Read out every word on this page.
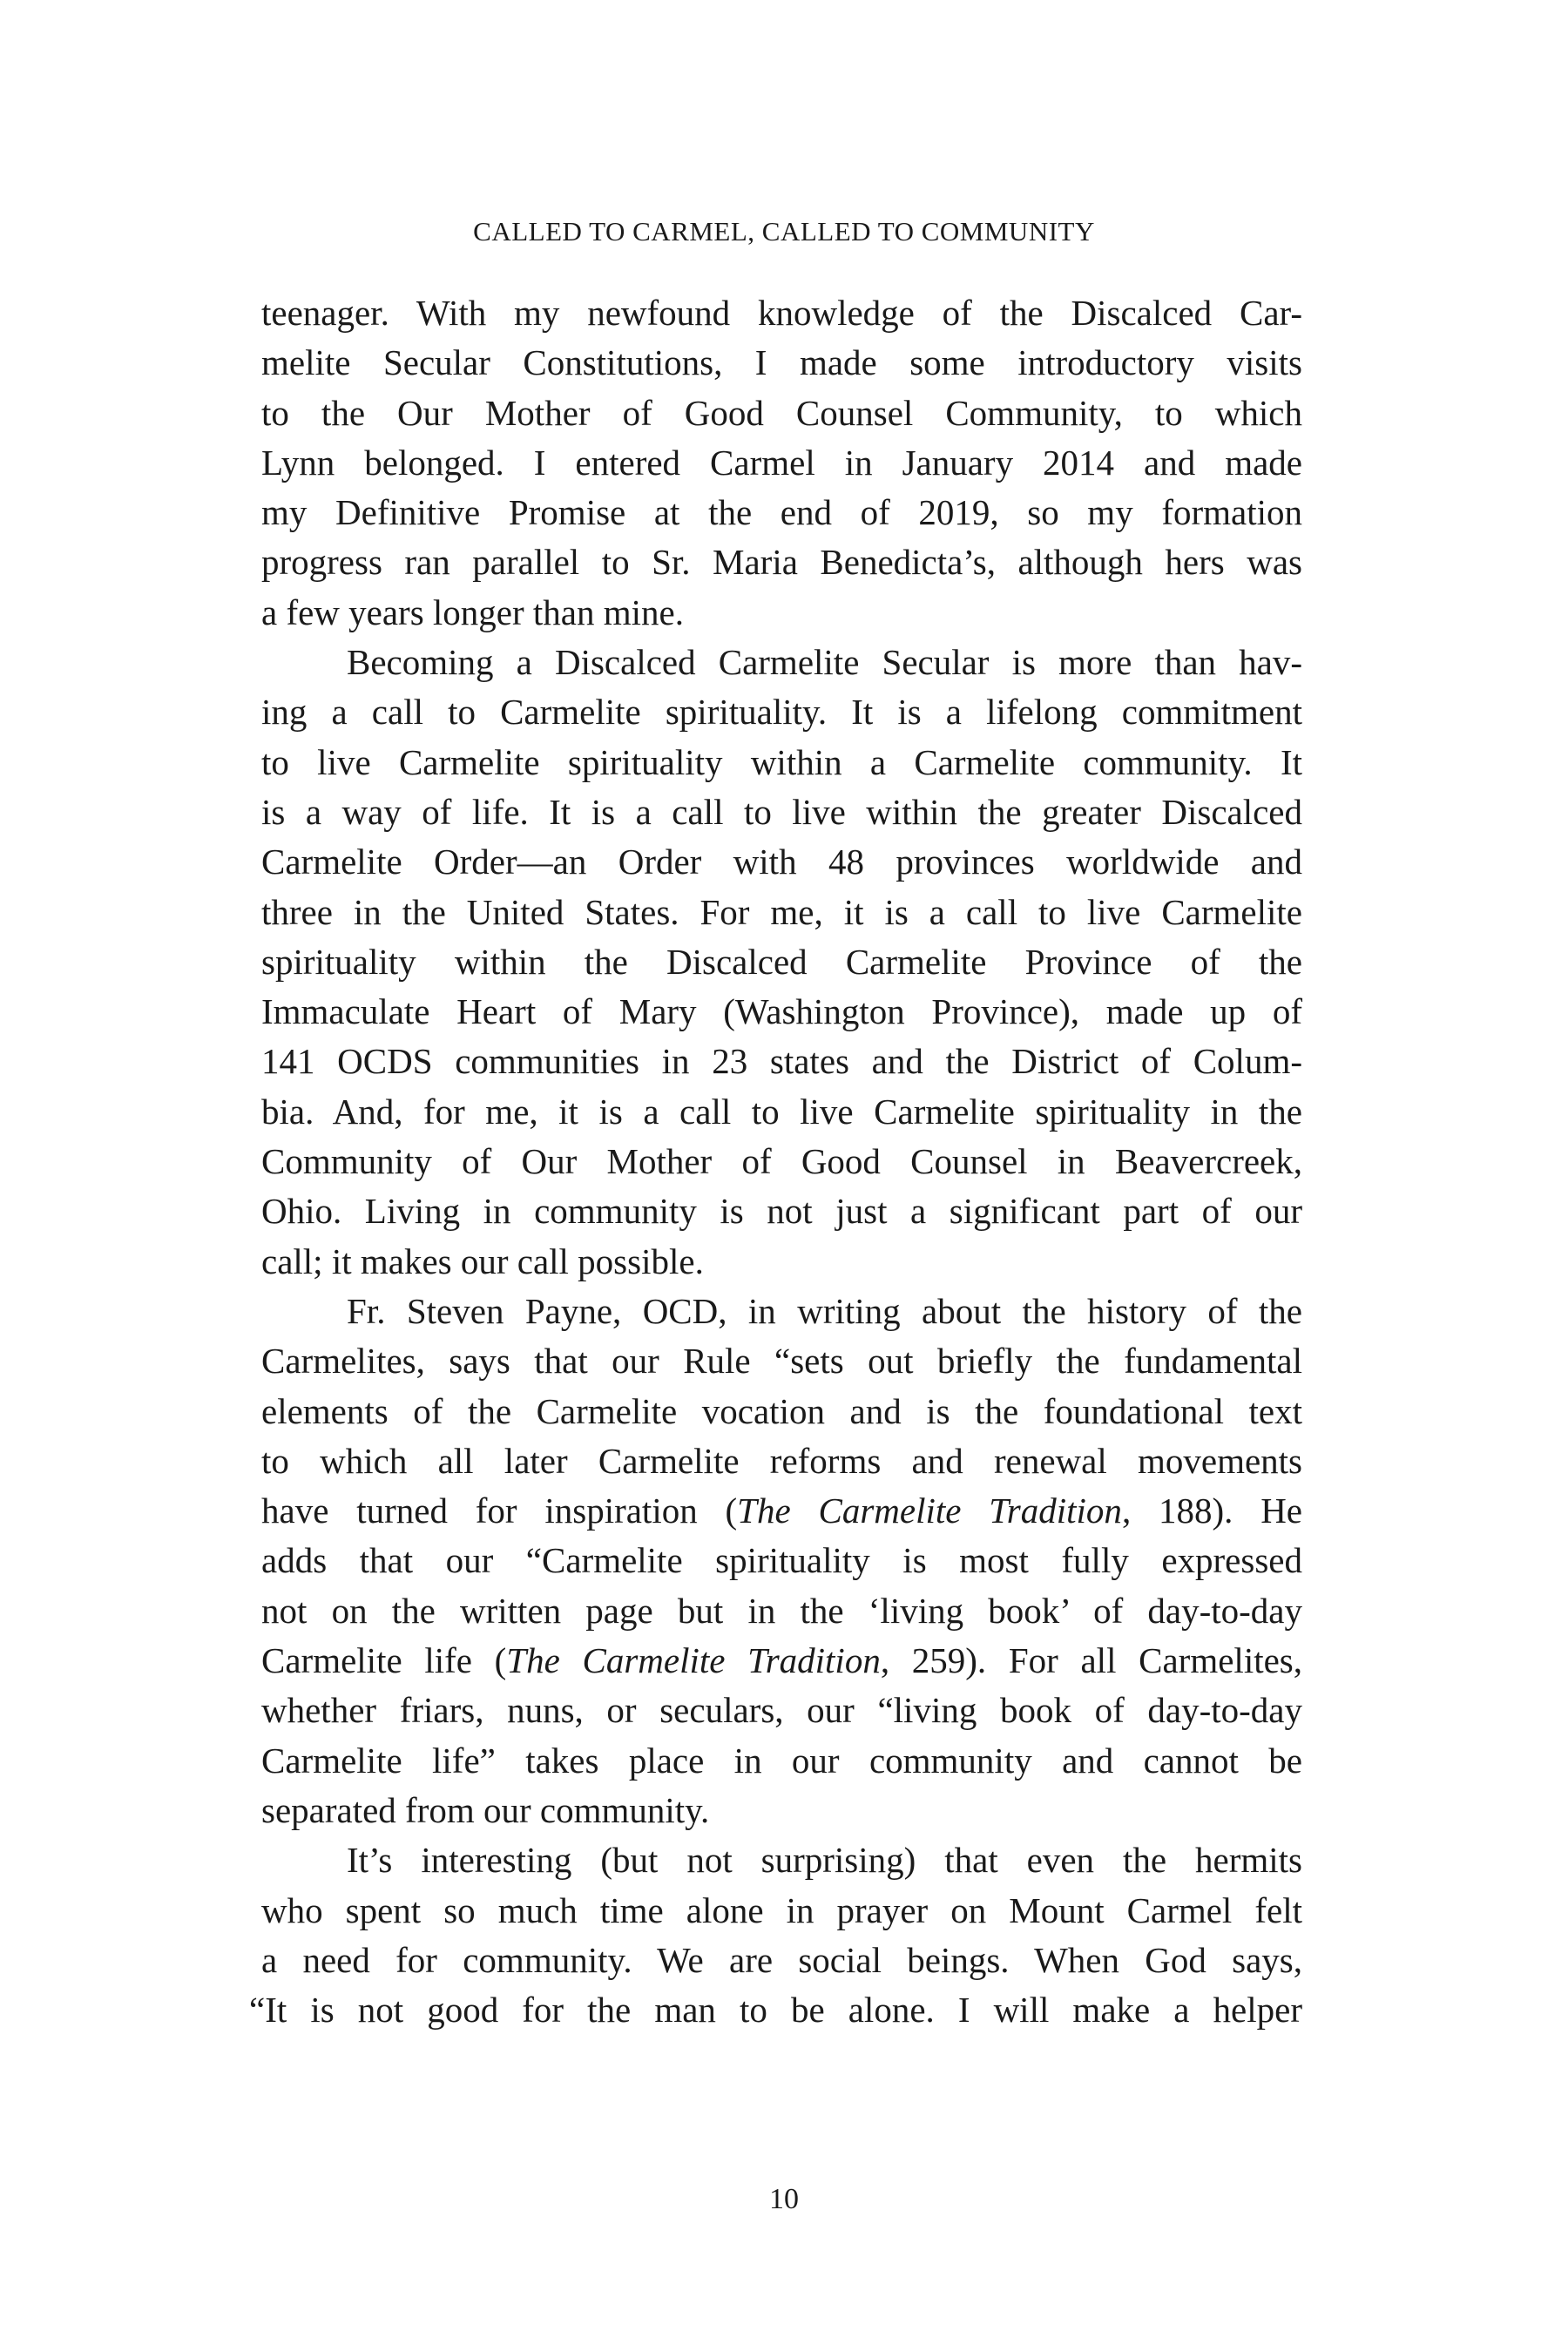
CALLED TO CARMEL, CALLED TO COMMUNITY
teenager. With my newfound knowledge of the Discalced Car-
melite Secular Constitutions, I made some introductory visits
to the Our Mother of Good Counsel Community, to which
Lynn belonged. I entered Carmel in January 2014 and made
my Definitive Promise at the end of 2019, so my formation
progress ran parallel to Sr. Maria Benedicta’s, although hers was
a few years longer than mine.
Becoming a Discalced Carmelite Secular is more than hav-
ing a call to Carmelite spirituality. It is a lifelong commitment
to live Carmelite spirituality within a Carmelite community. It
is a way of life. It is a call to live within the greater Discalced
Carmelite Order—an Order with 48 provinces worldwide and
three in the United States. For me, it is a call to live Carmelite
spirituality within the Discalced Carmelite Province of the
Immaculate Heart of Mary (Washington Province), made up of
141 OCDS communities in 23 states and the District of Colum-
bia. And, for me, it is a call to live Carmelite spirituality in the
Community of Our Mother of Good Counsel in Beavercreek,
Ohio. Living in community is not just a significant part of our
call; it makes our call possible.
Fr. Steven Payne, OCD, in writing about the history of the
Carmelites, says that our Rule “sets out briefly the fundamental
elements of the Carmelite vocation and is the foundational text
to which all later Carmelite reforms and renewal movements
have turned for inspiration (The Carmelite Tradition, 188). He
adds that our “Carmelite spirituality is most fully expressed
not on the written page but in the ‘living book’ of day-to-day
Carmelite life (The Carmelite Tradition, 259). For all Carmelites,
whether friars, nuns, or seculars, our “living book of day-to-day
Carmelite life” takes place in our community and cannot be
separated from our community.
It’s interesting (but not surprising) that even the hermits
who spent so much time alone in prayer on Mount Carmel felt
a need for community. We are social beings. When God says,
“It is not good for the man to be alone. I will make a helper
10
